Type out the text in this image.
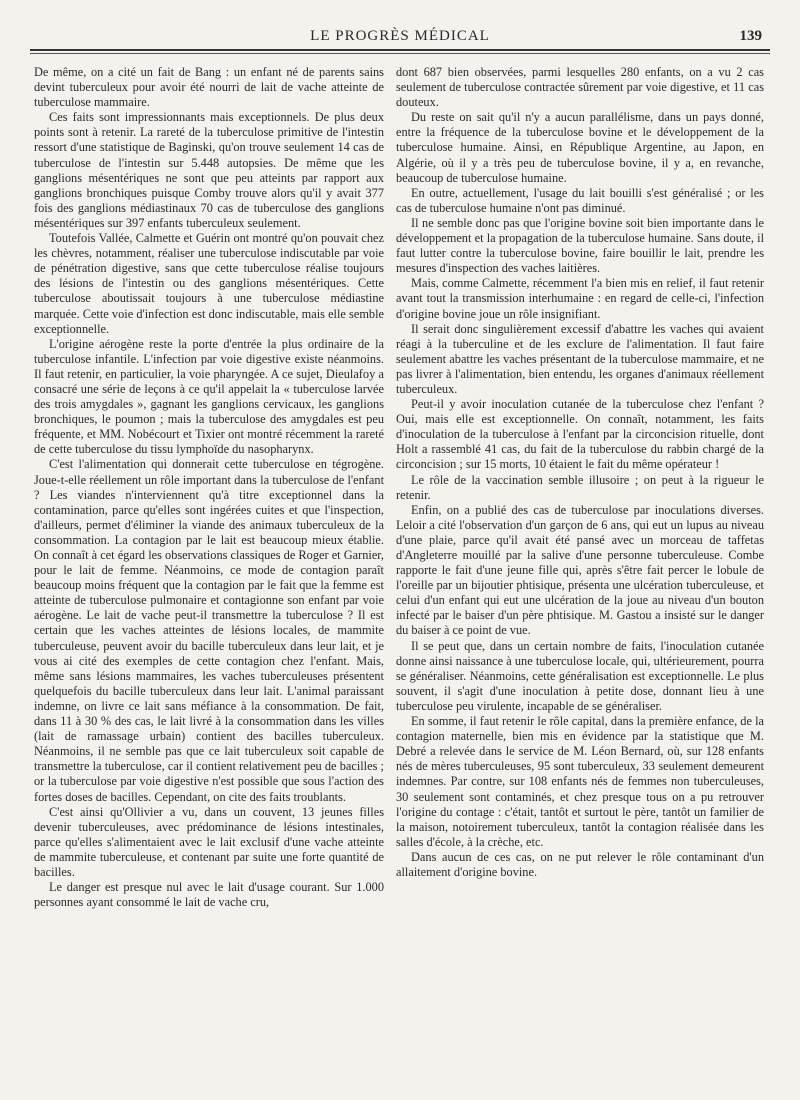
LE PROGRÈS MÉDICAL	139

De même, on a cité un fait de Bang : un enfant né de parents sains devint tuberculeux pour avoir été nourri de lait de vache atteinte de tuberculose mammaire.

Ces faits sont impressionnants mais exceptionnels. De plus deux points sont à retenir. La rareté de la tuberculose primitive de l'intestin ressort d'une statistique de Baginski, qu'on trouve seulement 14 cas de tuberculose de l'intestin sur 5.448 autopsies. De même que les ganglions mésentériques ne sont que peu atteints par rapport aux ganglions bronchiques puisque Comby trouve alors qu'il y avait 377 fois des ganglions médiastinaux 70 cas de tuberculose des ganglions mésentériques sur 397 enfants tuberculeux seulement.

Toutefois Vallée, Calmette et Guérin ont montré qu'on pouvait chez les chèvres, notamment, réaliser une tuberculose indiscutable par voie de pénétration digestive, sans que cette tuberculose réalise toujours des lésions de l'intestin ou des ganglions mésentériques. Cette tuberculose aboutissait toujours à une tuberculose médiastine marquée. Cette voie d'infection est donc indiscutable, mais elle semble exceptionnelle.

L'origine aérogène reste la porte d'entrée la plus ordinaire de la tuberculose infantile. L'infection par voie digestive existe néanmoins. Il faut retenir, en particulier, la voie pharyngée. A ce sujet, Dieulafoy a consacré une série de leçons à ce qu'il appelait la « tuberculose larvée des trois amygdales », gagnant les ganglions cervicaux, les ganglions bronchiques, le poumon ; mais la tuberculose des amygdales est peu fréquente, et MM. Nobécourt et Tixier ont montré récemment la rareté de cette tuberculose du tissu lymphoïde du nasopharynx.

C'est l'alimentation qui donnerait cette tuberculose en tégrogène. Joue-t-elle réellement un rôle important dans la tuberculose de l'enfant ? Les viandes n'interviennent qu'à titre exceptionnel dans la contamination, parce qu'elles sont ingérées cuites et que l'inspection, d'ailleurs, permet d'éliminer la viande des animaux tuberculeux de la consommation. La contagion par le lait est beaucoup mieux établie. On connaît à cet égard les observations classiques de Roger et Garnier, pour le lait de femme. Néanmoins, ce mode de contagion paraît beaucoup moins fréquent que la contagion par le fait que la femme est atteinte de tuberculose pulmonaire et contagionne son enfant par voie aérogène. Le lait de vache peut-il transmettre la tuberculose ? Il est certain que les vaches atteintes de lésions locales, de mammite tuberculeuse, peuvent avoir du bacille tuberculeux dans leur lait, et je vous ai cité des exemples de cette contagion chez l'enfant. Mais, même sans lésions mammaires, les vaches tuberculeuses présentent quelquefois du bacille tuberculeux dans leur lait. L'animal paraissant indemne, on livre ce lait sans méfiance à la consommation. De fait, dans 11 à 30 % des cas, le lait livré à la consommation dans les villes (lait de ramassage urbain) contient des bacilles tuberculeux. Néanmoins, il ne semble pas que ce lait tuberculeux soit capable de transmettre la tuberculose, car il contient relativement peu de bacilles ; or la tuberculose par voie digestive n'est possible que sous l'action des fortes doses de bacilles. Cependant, on cite des faits troublants.

C'est ainsi qu'Ollivier a vu, dans un couvent, 13 jeunes filles devenir tuberculeuses, avec prédominance de lésions intestinales, parce qu'elles s'alimentaient avec le lait exclusif d'une vache atteinte de mammite tuberculeuse, et contenant par suite une forte quantité de bacilles.

Le danger est presque nul avec le lait d'usage courant. Sur 1.000 personnes ayant consommé le lait de vache cru,

dont 687 bien observées, parmi lesquelles 280 enfants, on a vu 2 cas seulement de tuberculose contractée sûrement par voie digestive, et 11 cas douteux.

Du reste on sait qu'il n'y a aucun parallélisme, dans un pays donné, entre la fréquence de la tuberculose bovine et le développement de la tuberculose humaine. Ainsi, en République Argentine, au Japon, en Algérie, où il y a très peu de tuberculose bovine, il y a, en revanche, beaucoup de tuberculose humaine.

En outre, actuellement, l'usage du lait bouilli s'est généralisé ; or les cas de tuberculose humaine n'ont pas diminué.

Il ne semble donc pas que l'origine bovine soit bien importante dans le développement et la propagation de la tuberculose humaine. Sans doute, il faut lutter contre la tuberculose bovine, faire bouillir le lait, prendre les mesures d'inspection des vaches laitières.

Mais, comme Calmette, récemment l'a bien mis en relief, il faut retenir avant tout la transmission interhumaine : en regard de celle-ci, l'infection d'origine bovine joue un rôle insignifiant.

Il serait donc singulièrement excessif d'abattre les vaches qui avaient réagi à la tuberculine et de les exclure de l'alimentation. Il faut faire seulement abattre les vaches présentant de la tuberculose mammaire, et ne pas livrer à l'alimentation, bien entendu, les organes d'animaux réellement tuberculeux.

Peut-il y avoir inoculation cutanée de la tuberculose chez l'enfant ? Oui, mais elle est exceptionnelle. On connaît, notamment, les faits d'inoculation de la tuberculose à l'enfant par la circoncision rituelle, dont Holt a rassemblé 41 cas, du fait de la tuberculose du rabbin chargé de la circoncision ; sur 15 morts, 10 étaient le fait du même opérateur !

Le rôle de la vaccination semble illusoire ; on peut à la rigueur le retenir.

Enfin, on a publié des cas de tuberculose par inoculations diverses. Leloir a cité l'observation d'un garçon de 6 ans, qui eut un lupus au niveau d'une plaie, parce qu'il avait été pansé avec un morceau de taffetas d'Angleterre mouillé par la salive d'une personne tuberculeuse. Combe rapporte le fait d'une jeune fille qui, après s'être fait percer le lobule de l'oreille par un bijoutier phtisique, présenta une ulcération tuberculeuse, et celui d'un enfant qui eut une ulcération de la joue au niveau d'un bouton infecté par le baiser d'un père phtisique. M. Gastou a insisté sur le danger du baiser à ce point de vue.

Il se peut que, dans un certain nombre de faits, l'inoculation cutanée donne ainsi naissance à une tuberculose locale, qui, ultérieurement, pourra se généraliser. Néanmoins, cette généralisation est exceptionnelle. Le plus souvent, il s'agit d'une inoculation à petite dose, donnant lieu à une tuberculose peu virulente, incapable de se généraliser.

En somme, il faut retenir le rôle capital, dans la première enfance, de la contagion maternelle, bien mis en évidence par la statistique que M. Debré a relevée dans le service de M. Léon Bernard, où, sur 128 enfants nés de mères tuberculeuses, 95 sont tuberculeux, 33 seulement demeurent indemnes. Par contre, sur 108 enfants nés de femmes non tuberculeuses, 30 seulement sont contaminés, et chez presque tous on a pu retrouver l'origine du contage : c'était, tantôt et surtout le père, tantôt un familier de la maison, notoirement tuberculeux, tantôt la contagion réalisée dans les salles d'école, à la crèche, etc.

Dans aucun de ces cas, on ne put relever le rôle contaminant d'un allaitement d'origine bovine.
